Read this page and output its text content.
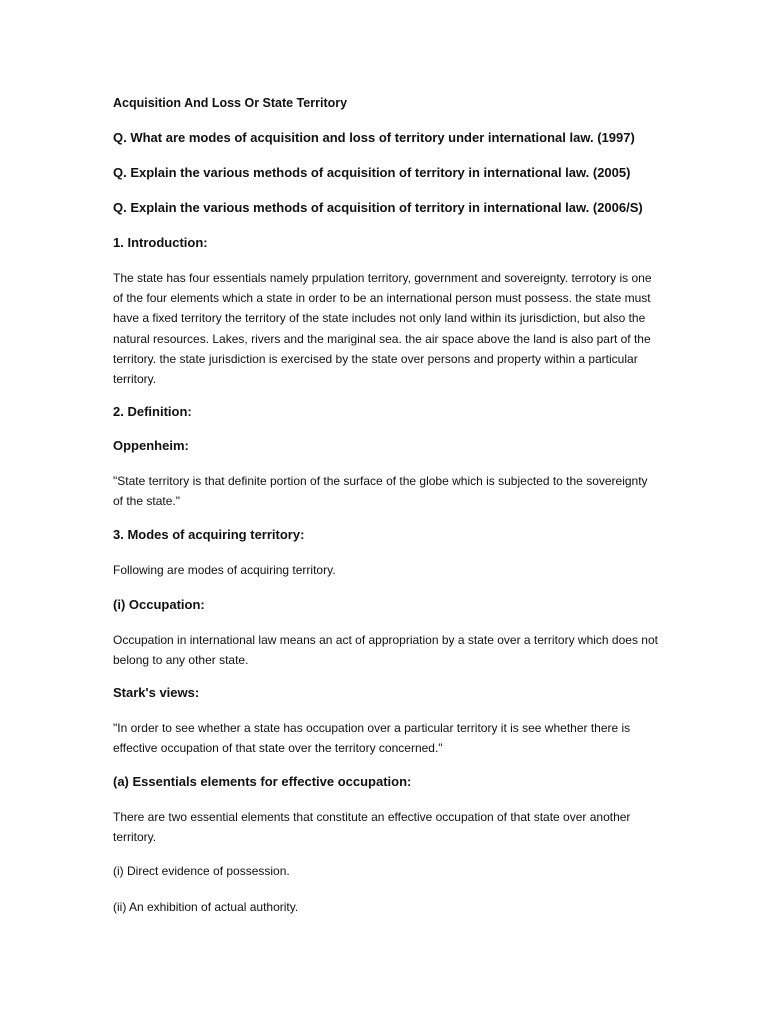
Acquisition And Loss Or State Territory
Q. What are modes of acquisition and loss of territory under international law. (1997)
Q. Explain the various methods of acquisition of territory in international law. (2005)
Q. Explain the various methods of acquisition of territory in international law. (2006/S)
1. Introduction:
The state has four essentials namely prpulation territory, government and sovereignty. terrotory is one of the four elements which a state in order to be an international person must possess. the state must have a fixed territory the territory of the state includes not only land within its jurisdiction, but also the natural resources. Lakes, rivers and the mariginal sea. the air space above the land is also part of the territory. the state jurisdiction is exercised by the state over persons and property within a particular territory.
2. Definition:
Oppenheim:
"State territory is that definite portion of the surface of the globe which is subjected to the sovereignty of the state."
3. Modes of acquiring territory:
Following are modes of acquiring territory.
(i) Occupation:
Occupation in international law means an act of appropriation by a state over a territory which does not belong to any other state.
Stark's views:
"In order to see whether a state has occupation over a particular territory it is see whether there is effective occupation of that state over the territory concerned."
(a) Essentials elements for effective occupation:
There are two essential elements that constitute an effective occupation of that state over another territory.
(i) Direct evidence of possession.
(ii) An exhibition of actual authority.
